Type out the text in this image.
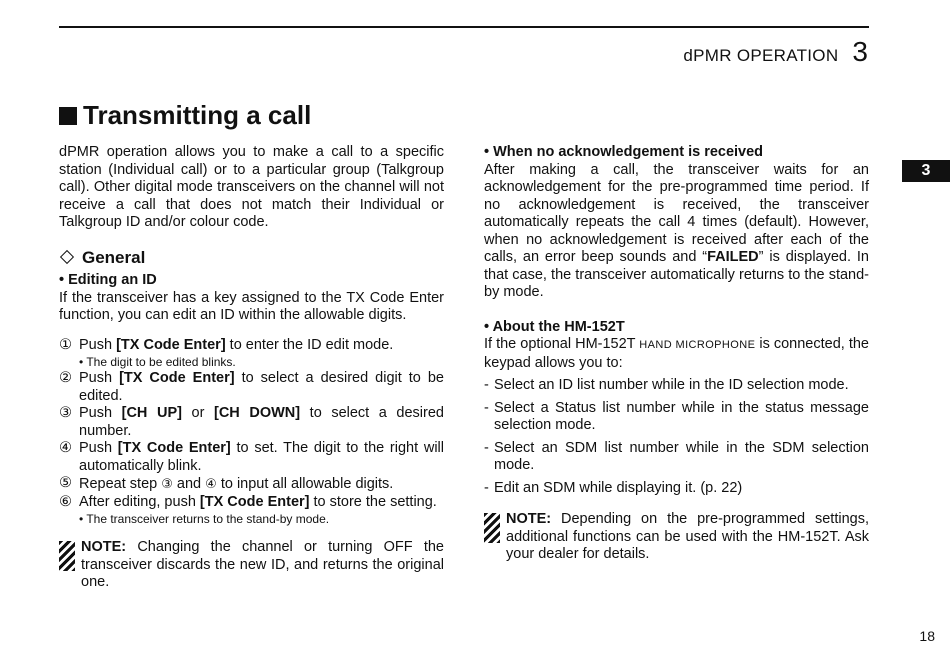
dPMR OPERATION 3
3
Transmitting a call

dPMR operation allows you to make a call to a specific station (Individual call) or to a particular group (Talkgroup call). Other digital mode transceivers on the channel will not receive a call that does not match their Individual or Talkgroup ID and/or colour code.

General
• Editing an ID

If the transceiver has a key assigned to the TX Code Enter function, you can edit an ID within the allowable digits.

① Push [TX Code Enter] to enter the ID edit mode.
• The digit to be edited blinks.
② Push [TX Code Enter] to select a desired digit to be edited.
③ Push [CH UP] or [CH DOWN] to select a desired number.
④ Push [TX Code Enter] to set. The digit to the right will automatically blink.
⑤ Repeat step ③ and ④ to input all allowable digits.
⑥ After editing, push [TX Code Enter] to store the setting.
• The transceiver returns to the stand-by mode.

NOTE: Changing the channel or turning OFF the transceiver discards the new ID, and returns the original one.

• When no acknowledgement is received

After making a call, the transceiver waits for an acknowledgement for the pre-programmed time period. If no acknowledgement is received, the transceiver automatically repeats the call 4 times (default). However, when no acknowledgement is received after each of the calls, an error beep sounds and “FAILED” is displayed. In that case, the transceiver automatically returns to the stand-by mode.

• About the HM-152T

If the optional HM-152T HAND MICROPHONE is connected, the keypad allows you to:

- Select an ID list number while in the ID selection mode.
- Select a Status list number while in the status message selection mode.
- Select an SDM list number while in the SDM selection mode.
- Edit an SDM while displaying it. (p. 22)

NOTE: Depending on the pre-programmed settings, additional functions can be used with the HM-152T. Ask your dealer for details.

18
